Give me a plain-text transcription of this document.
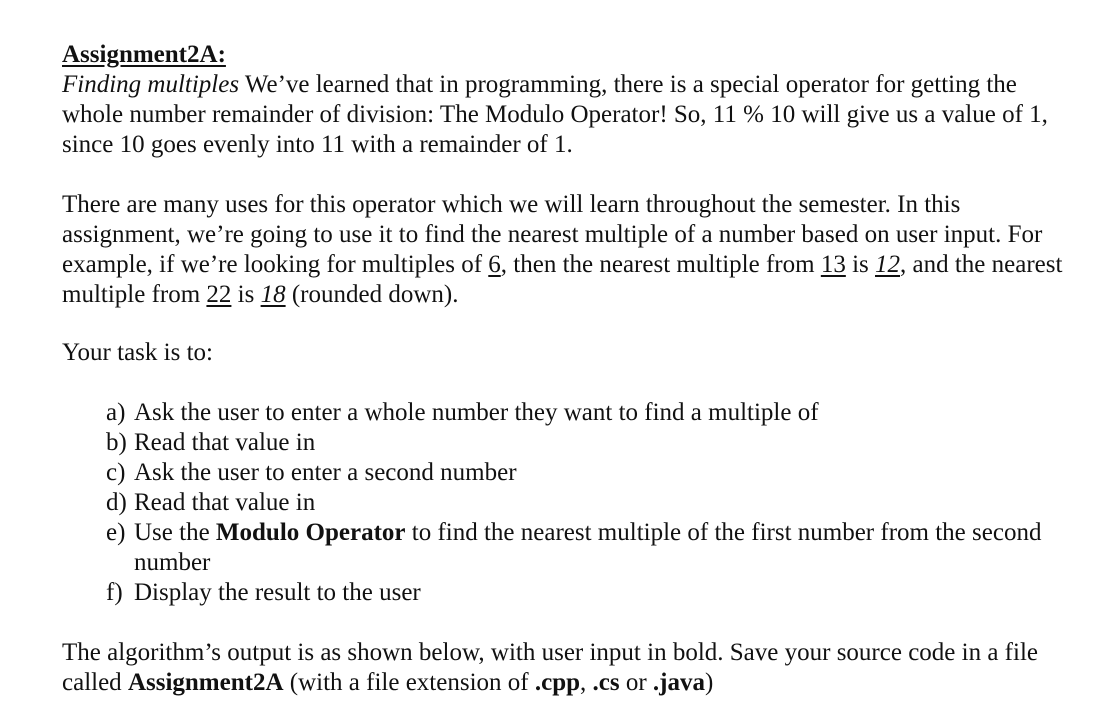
Assignment2A:

Finding multiples We’ve learned that in programming, there is a special operator for getting the whole number remainder of division: The Modulo Operator! So, 11 % 10 will give us a value of 1, since 10 goes evenly into 11 with a remainder of 1.

There are many uses for this operator which we will learn throughout the semester. In this assignment, we’re going to use it to find the nearest multiple of a number based on user input. For example, if we’re looking for multiples of 6, then the nearest multiple from 13 is 12, and the nearest multiple from 22 is 18 (rounded down).

Your task is to:

a) Ask the user to enter a whole number they want to find a multiple of
b) Read that value in
c) Ask the user to enter a second number
d) Read that value in
e) Use the Modulo Operator to find the nearest multiple of the first number from the second number
f) Display the result to the user

The algorithm’s output is as shown below, with user input in bold. Save your source code in a file called Assignment2A (with a file extension of .cpp, .cs or .java)
